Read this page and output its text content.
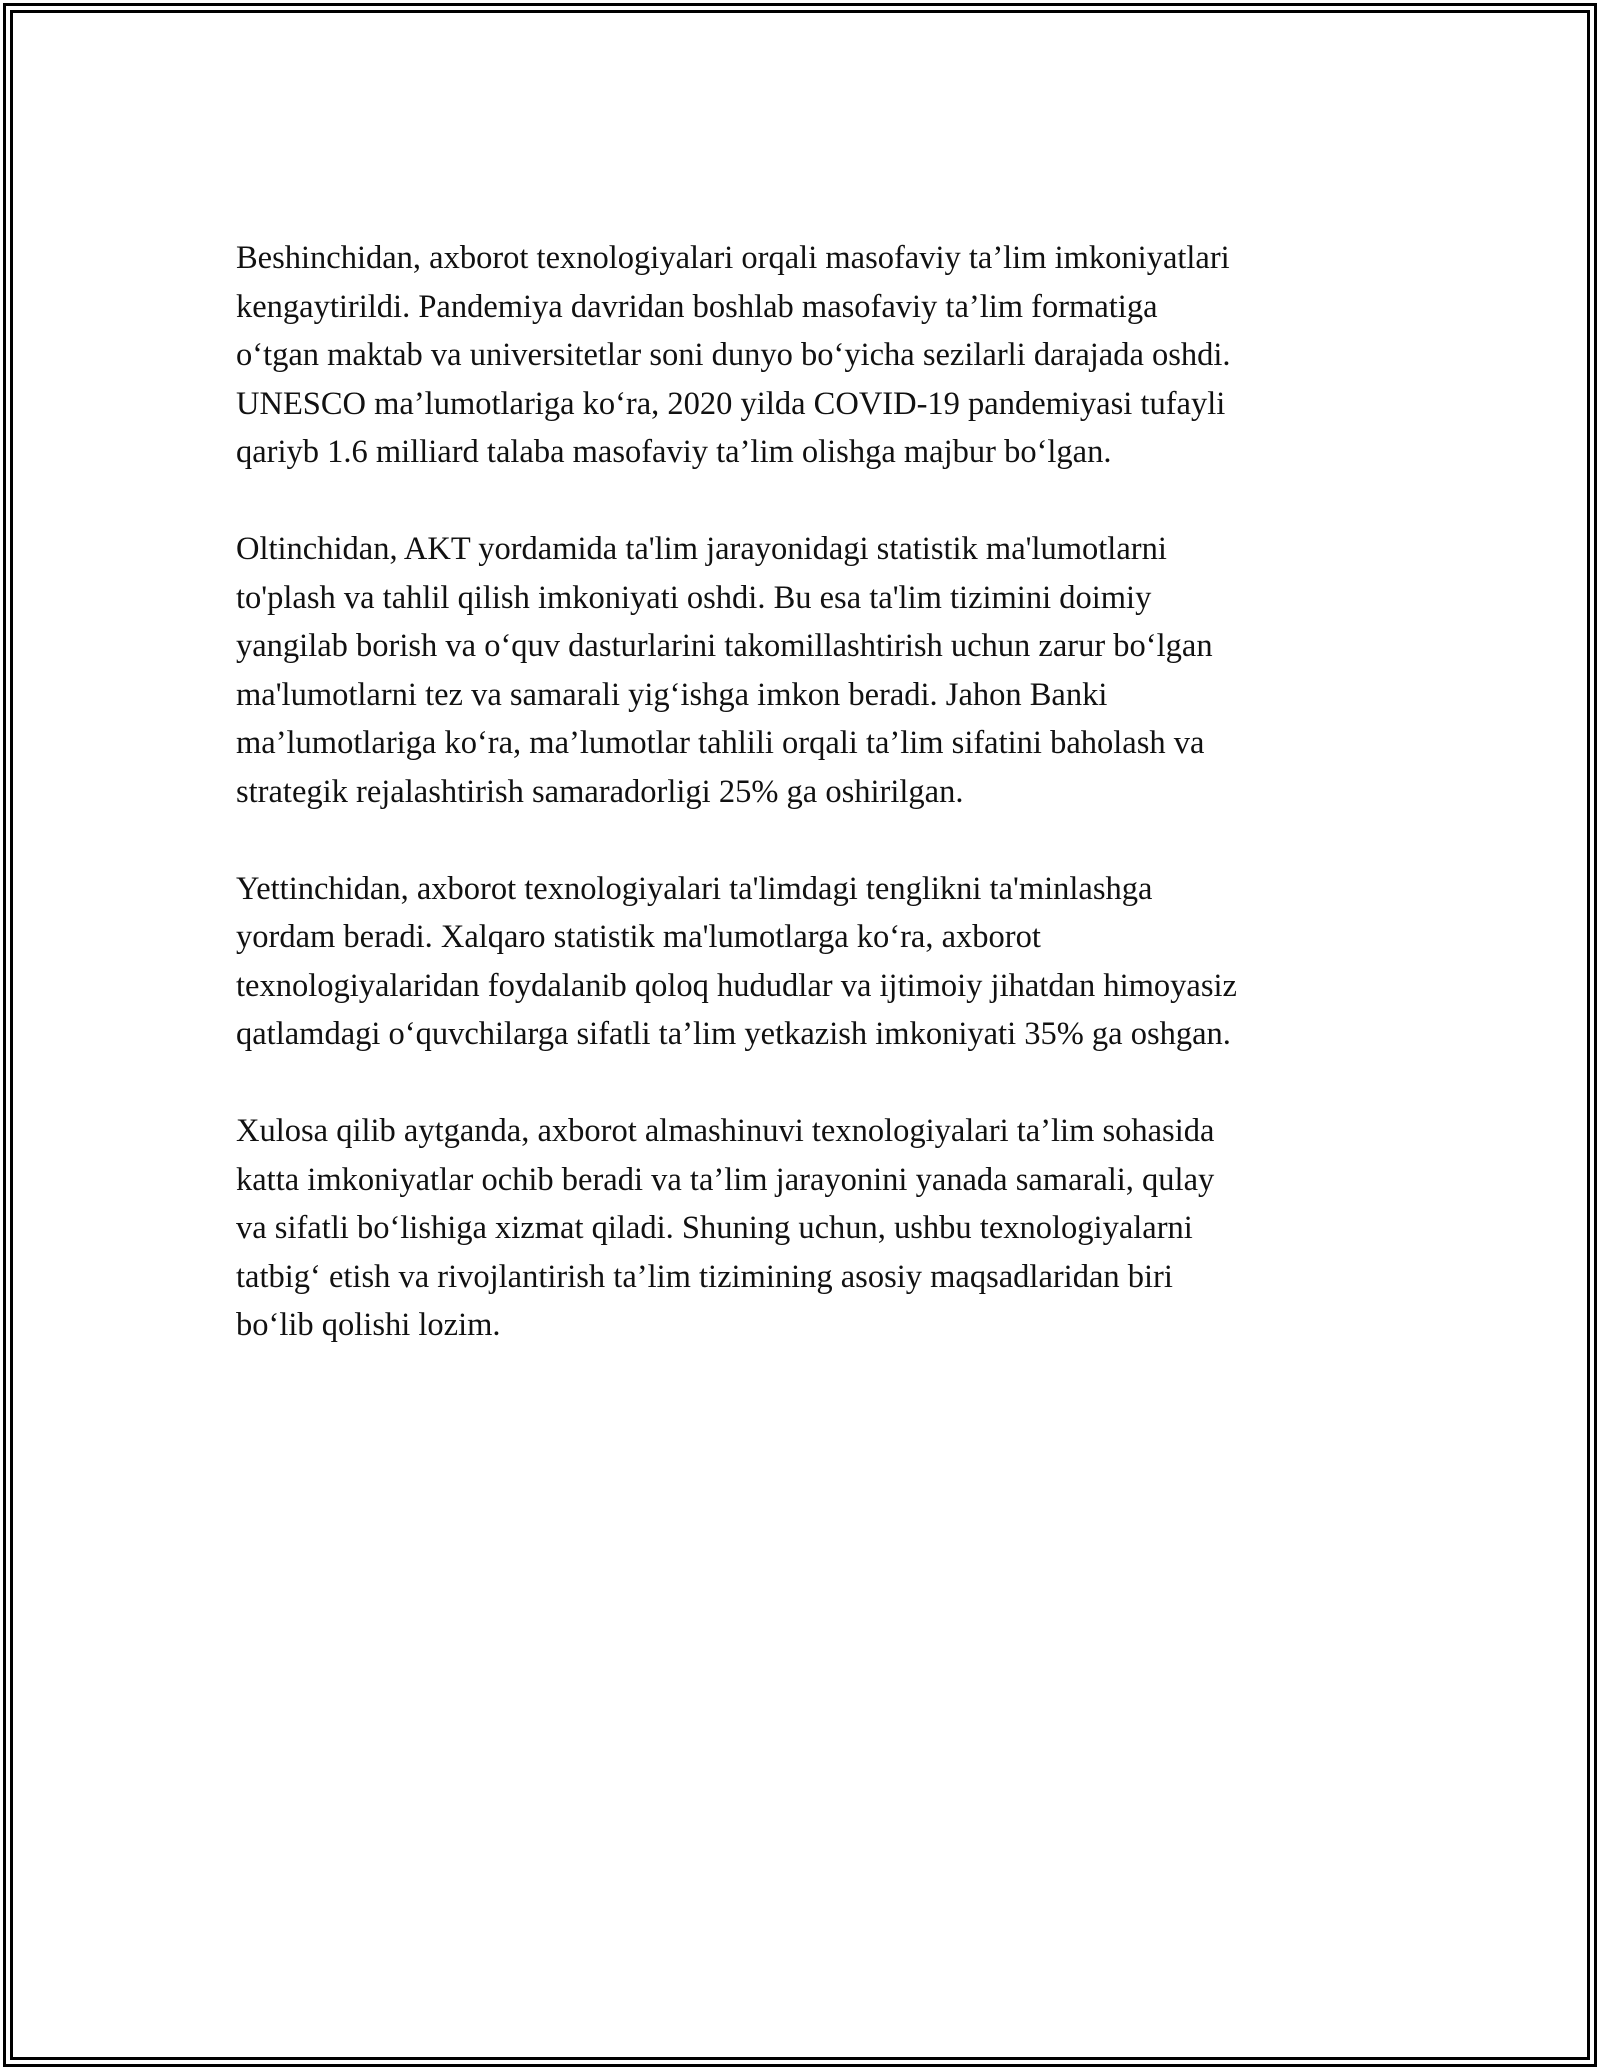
Beshinchidan, axborot texnologiyalari orqali masofaviy ta’lim imkoniyatlari
kengaytirildi. Pandemiya davridan boshlab masofaviy ta’lim formatiga
o‘tgan maktab va universitetlar soni dunyo bo‘yicha sezilarli darajada oshdi.
UNESCO ma’lumotlariga ko‘ra, 2020 yilda COVID-19 pandemiyasi tufayli
qariyb 1.6 milliard talaba masofaviy ta’lim olishga majbur bo‘lgan.

Oltinchidan, AKT yordamida ta'lim jarayonidagi statistik ma'lumotlarni
to'plash va tahlil qilish imkoniyati oshdi. Bu esa ta'lim tizimini doimiy
yangilab borish va o‘quv dasturlarini takomillashtirish uchun zarur bo‘lgan
ma'lumotlarni tez va samarali yig‘ishga imkon beradi. Jahon Banki
ma’lumotlariga ko‘ra, ma’lumotlar tahlili orqali ta’lim sifatini baholash va
strategik rejalashtirish samaradorligi 25% ga oshirilgan.

Yettinchidan, axborot texnologiyalari ta'limdagi tenglikni ta'minlashga
yordam beradi. Xalqaro statistik ma'lumotlarga ko‘ra, axborot
texnologiyalaridan foydalanib qoloq hududlar va ijtimoiy jihatdan himoyasiz
qatlamdagi o‘quvchilarga sifatli ta’lim yetkazish imkoniyati 35% ga oshgan.

Xulosa qilib aytganda, axborot almashinuvi texnologiyalari ta’lim sohasida
katta imkoniyatlar ochib beradi va ta’lim jarayonini yanada samarali, qulay
va sifatli bo‘lishiga xizmat qiladi. Shuning uchun, ushbu texnologiyalarni
tatbig‘ etish va rivojlantirish ta’lim tizimining asosiy maqsadlaridan biri
bo‘lib qolishi lozim.
